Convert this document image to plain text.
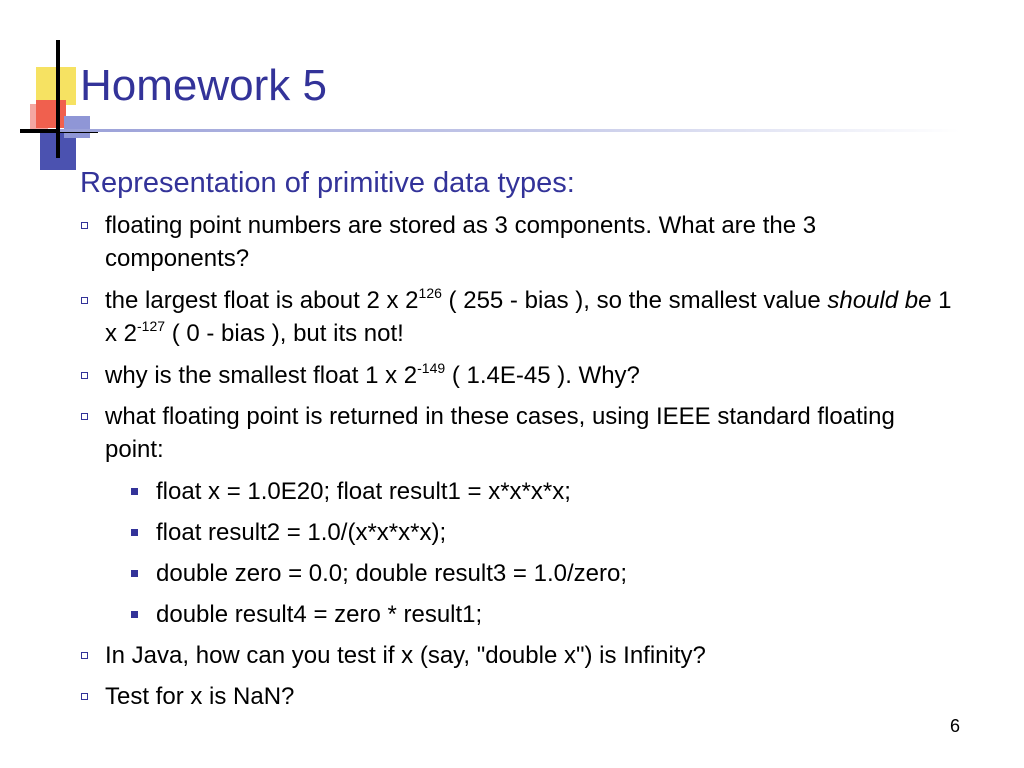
Homework 5
Representation of primitive data types:
floating point numbers are stored as 3 components. What are the 3 components?
the largest float is about 2 x $2^{126}$ ( 255 - bias ), so the smallest value should be 1 x $2^{-127}$ ( 0 - bias ), but its not!
why is the smallest float 1 x $2^{-149}$ ( 1.4E-45 ). Why?
what floating point is returned in these cases, using IEEE standard floating point:
float x = 1.0E20; float result1 = x*x*x*x;
float result2 = 1.0/(x*x*x*x);
double zero = 0.0; double result3 = 1.0/zero;
double result4 = zero * result1;
In Java, how can you test if x (say, "double x") is Infinity?
Test for x is NaN?
6
